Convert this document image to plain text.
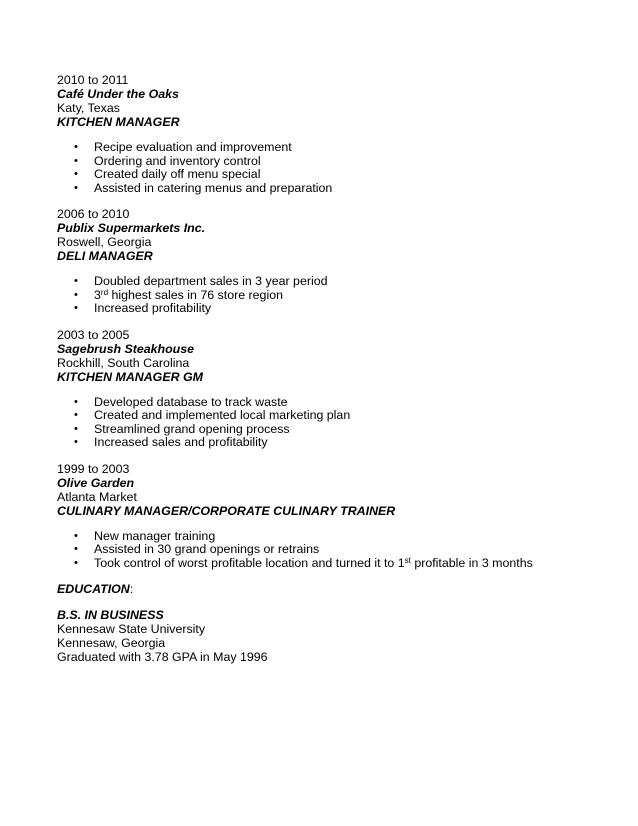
2010 to 2011
Café Under the Oaks
Katy, Texas
KITCHEN MANAGER
• Recipe evaluation and improvement
• Ordering and inventory control
• Created daily off menu special
• Assisted in catering menus and preparation
2006 to 2010
Publix Supermarkets Inc.
Roswell, Georgia
DELI MANAGER
• Doubled department sales in 3 year period
• 3rd highest sales in 76 store region
• Increased profitability
2003 to 2005
Sagebrush Steakhouse
Rockhill, South Carolina
KITCHEN MANAGER GM
• Developed database to track waste
• Created and implemented local marketing plan
• Streamlined grand opening process
• Increased sales and profitability
1999 to 2003
Olive Garden
Atlanta Market
CULINARY MANAGER/CORPORATE CULINARY TRAINER
• New manager training
• Assisted in 30 grand openings or retrains
• Took control of worst profitable location and turned it to 1st profitable in 3 months
EDUCATION:
B.S. IN BUSINESS
Kennesaw State University
Kennesaw, Georgia
Graduated with 3.78 GPA in May 1996
